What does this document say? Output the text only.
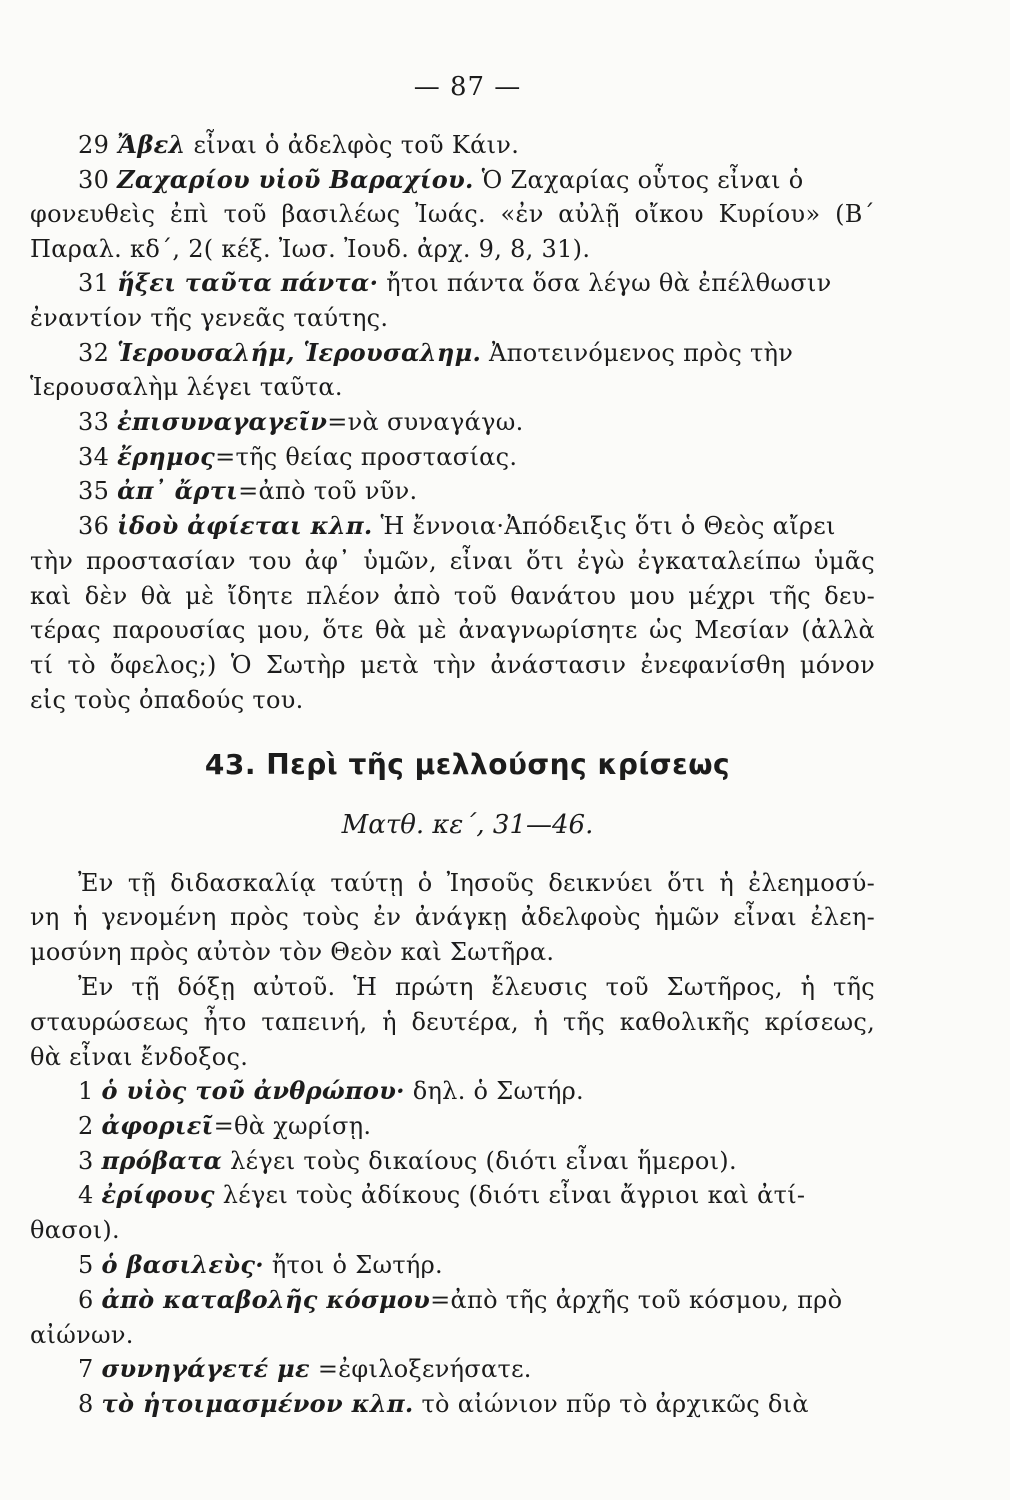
— 87 —
29 Ἄβελ εἶναι ὁ ἀδελφὸς τοῦ Κάιν.
30 Ζαχαρίου υἱοῦ Βαραχίου. Ὁ Ζαχαρίας οὗτος εἶναι ὁ
φονευθεὶς ἐπὶ τοῦ βασιλέως Ἰωάς. «ἐν αὐλῇ οἴκου Κυρίου» (Β´
Παραλ. κδ´, 2( κέξ. Ἰωσ. Ἰουδ. ἀρχ. 9, 8, 31).
31 ἥξει ταῦτα πάντα· ἤτοι πάντα ὅσα λέγω θὰ ἐπέλθωσιν
ἐναντίον τῆς γενεᾶς ταύτης.
32 Ἱερουσαλήμ, Ἱερουσαλημ. Ἀποτεινόμενος πρὸς τὴν
Ἱερουσαλὴμ λέγει ταῦτα.
33 ἐπισυναγαγεῖν=νὰ συναγάγω.
34 ἔρημος=τῆς θείας προστασίας.
35 ἀπ᾽ ἄρτι=ἀπὸ τοῦ νῦν.
36 ἰδοὺ ἀφίεται κλπ. Ἡ ἔννοια·Ἀπόδειξις ὅτι ὁ Θεὸς αἴρει
τὴν προστασίαν του ἀφ᾽ ὑμῶν, εἶναι ὅτι ἐγὼ ἐγκαταλείπω ὑμᾶς
καὶ δὲν θὰ μὲ ἴδητε πλέον ἀπὸ τοῦ θανάτου μου μέχρι τῆς δευ-
τέρας παρουσίας μου, ὅτε θὰ μὲ ἀναγνωρίσητε ὡς Μεσίαν (ἀλλὰ
τί τὸ ὄφελος;) Ὁ Σωτὴρ μετὰ τὴν ἀνάστασιν ἐνεφανίσθη μόνον
εἰς τοὺς ὀπαδούς του.
43. Περὶ τῆς μελλούσης κρίσεως
Ματθ. κε´, 31—46.
Ἐν τῇ διδασκαλίᾳ ταύτῃ ὁ Ἰησοῦς δεικνύει ὅτι ἡ ἐλεημοσύ-
νη ἡ γενομένη πρὸς τοὺς ἐν ἀνάγκῃ ἀδελφοὺς ἡμῶν εἶναι ἐλεη-
μοσύνη πρὸς αὐτὸν τὸν Θεὸν καὶ Σωτῆρα.
Ἐν τῇ δόξῃ αὐτοῦ. Ἡ πρώτη ἔλευσις τοῦ Σωτῆρος, ἡ τῆς
σταυρώσεως ἦτο ταπεινή, ἡ δευτέρα, ἡ τῆς καθολικῆς κρίσεως,
θὰ εἶναι ἔνδοξος.
1 ὁ υἱὸς τοῦ ἀνθρώπου· δηλ. ὁ Σωτήρ.
2 ἀφοριεῖ=θὰ χωρίσῃ.
3 πρόβατα λέγει τοὺς δικαίους (διότι εἶναι ἥμεροι).
4 ἐρίφους λέγει τοὺς ἀδίκους (διότι εἶναι ἄγριοι καὶ ἀτί-
θασοι).
5 ὁ βασιλεὺς· ἤτοι ὁ Σωτήρ.
6 ἀπὸ καταβολῆς κόσμου=ἀπὸ τῆς ἀρχῆς τοῦ κόσμου, πρὸ
αἰώνων.
7 συνηγάγετέ με =ἐφιλοξενήσατε.
8 τὸ ἡτοιμασμένον κλπ. τὸ αἰώνιον πῦρ τὸ ἀρχικῶς διὰ
